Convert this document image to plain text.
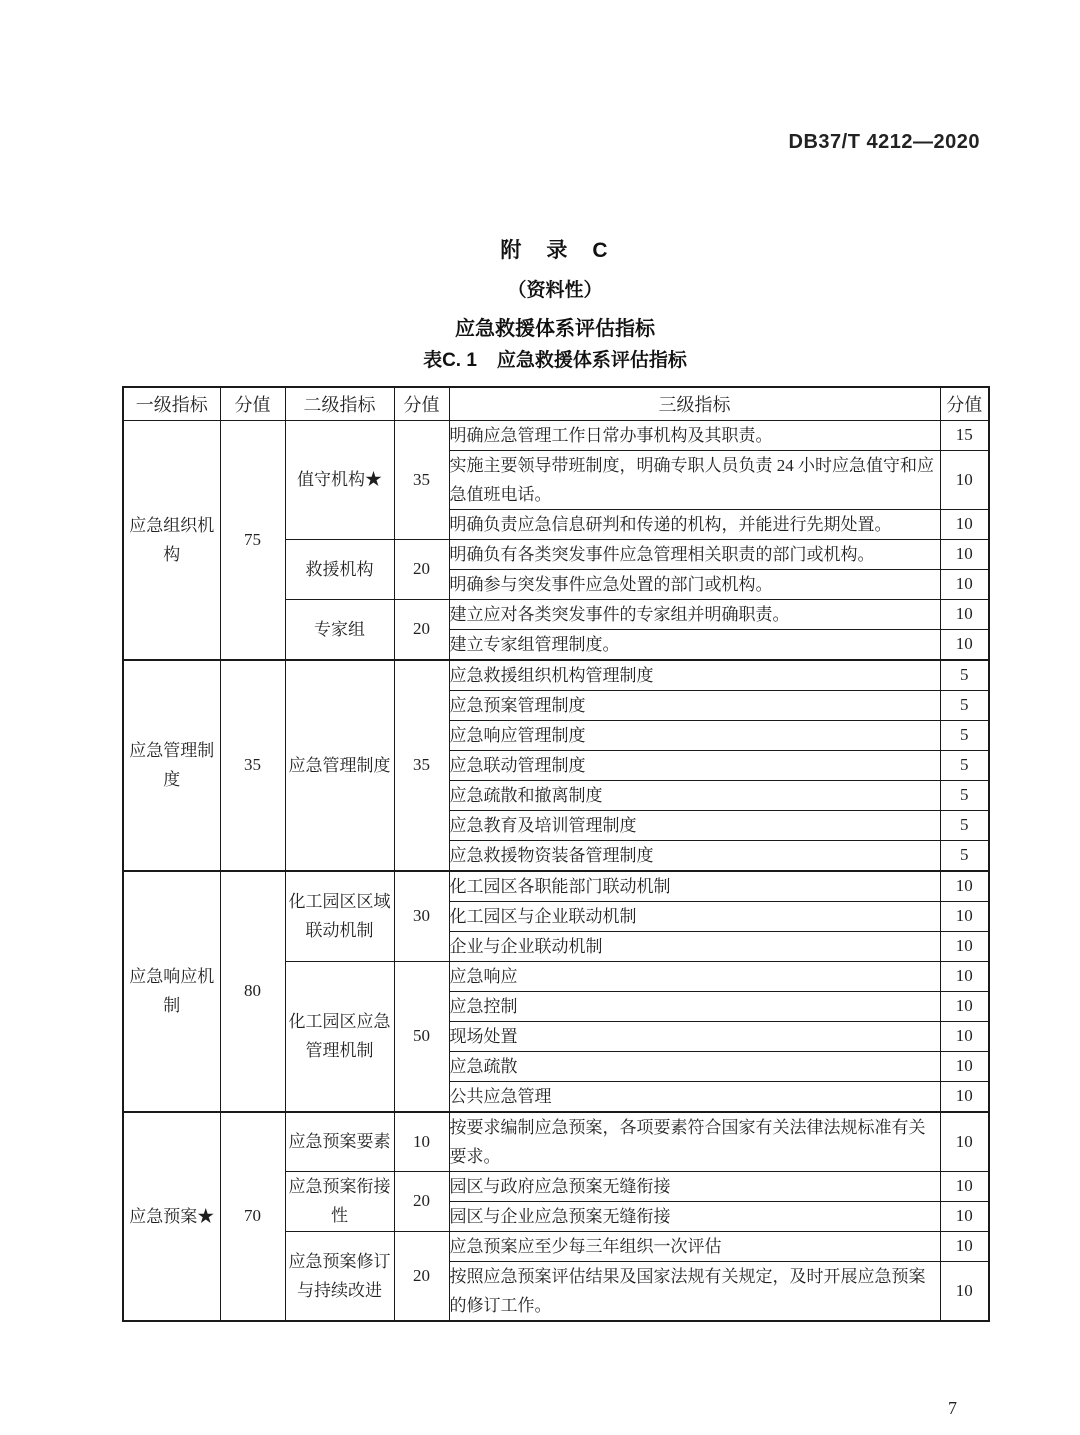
DB37/T 4212—2020
附　录　C
（资料性）
应急救援体系评估指标
表C. 1 应急救援体系评估指标
一级指标	分值	二级指标	分值	三级指标	分值
应急组织机构	75	值守机构★	35	明确应急管理工作日常办事机构及其职责。	15
				实施主要领导带班制度，明确专职人员负责 24 小时应急值守和应急值班电话。	10
				明确负责应急信息研判和传递的机构，并能进行先期处置。	10
		救援机构	20	明确负有各类突发事件应急管理相关职责的部门或机构。	10
				明确参与突发事件应急处置的部门或机构。	10
		专家组	20	建立应对各类突发事件的专家组并明确职责。	10
				建立专家组管理制度。	10
应急管理制度	35	应急管理制度	35	应急救援组织机构管理制度	5
				应急预案管理制度	5
				应急响应管理制度	5
				应急联动管理制度	5
				应急疏散和撤离制度	5
				应急教育及培训管理制度	5
				应急救援物资装备管理制度	5
应急响应机制	80	化工园区区域联动机制	30	化工园区各职能部门联动机制	10
				化工园区与企业联动机制	10
				企业与企业联动机制	10
		化工园区应急管理机制	50	应急响应	10
				应急控制	10
				现场处置	10
				应急疏散	10
				公共应急管理	10
应急预案★	70	应急预案要素	10	按要求编制应急预案，各项要素符合国家有关法律法规标准有关要求。	10
		应急预案衔接性	20	园区与政府应急预案无缝衔接	10
				园区与企业应急预案无缝衔接	10
		应急预案修订与持续改进	20	应急预案应至少每三年组织一次评估	10
				按照应急预案评估结果及国家法规有关规定，及时开展应急预案的修订工作。	10
7
